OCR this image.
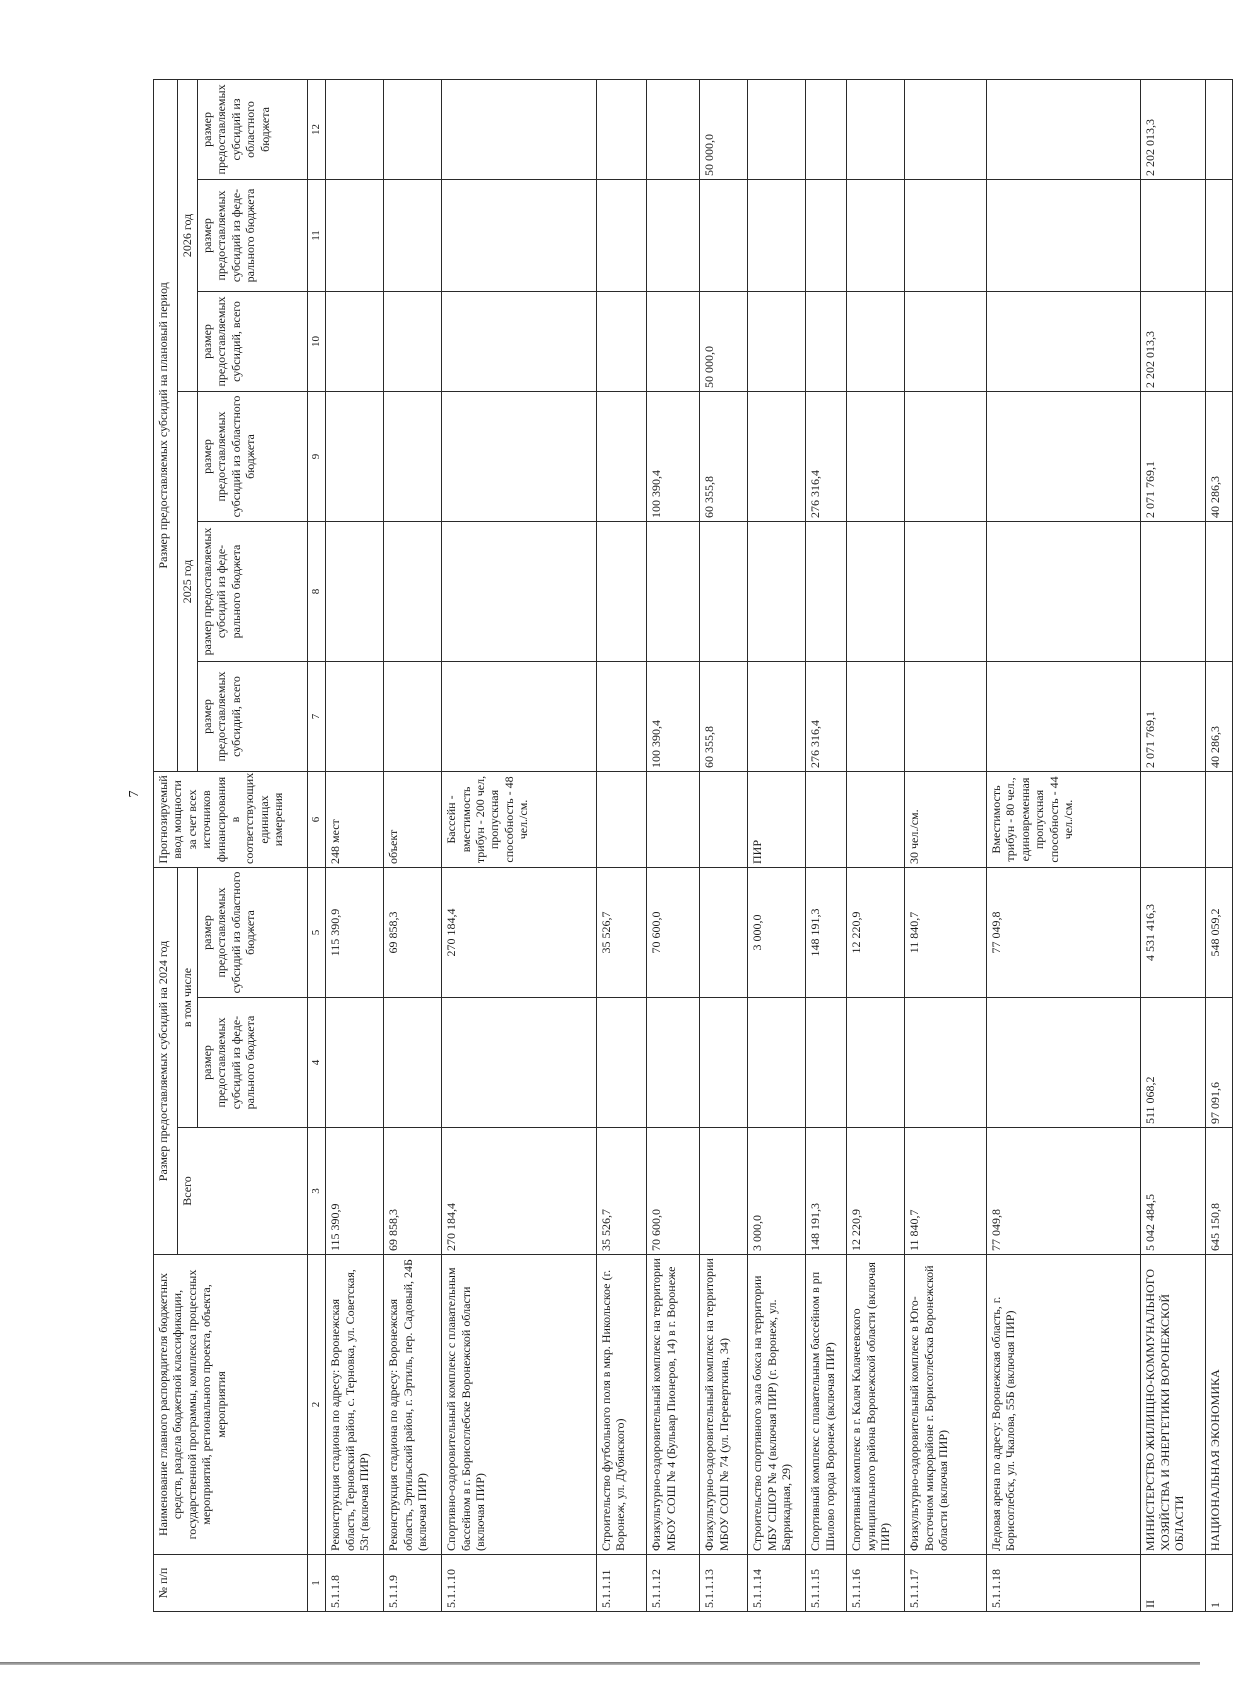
7
№ п/п	Наименование главного распорядителя бюджетных средств, раздела бюджетной классификации, государственной программы, комплекса процессных мероприятий, регионального проекта, объекта, мероприятия	Размер предоставляемых субсидий на 2024 год			Прогнозируемый ввод мощности за счет всех источников финансирования в соответствующих единицах измерения	Размер предоставляемых субсидий на плановый период					
		Всего	в том числе			2025 год			2026 год		
			размер предоставляемых субсидий из феде-рального бюджета	размер предоставляемых субсидий из областного бюджета		размер предоставляемых субсидий, всего	размер предоставляемых субсидий из феде-рального бюджета	размер предоставляемых субсидий из областного бюджета	размер предоставляемых субсидий, всего	размер предоставляемых субсидий из феде-рального бюджета	размер предоставляемых субсидий из областного бюджета
1	2	3	4	5	6	7	8	9	10	11	12
5.1.1.8	Реконструкция стадиона по адресу: Воронежская область, Терновский район, с. Терновка, ул. Советская, 53г (включая ПИР)	115 390,9		115 390,9	248 мест						
5.1.1.9	Реконструкция стадиона по адресу: Воронежская область, Эртильский район, г. Эртиль, пер. Садовый, 24Б (включая ПИР)	69 858,3		69 858,3	объект						
5.1.1.10	Спортивно-оздоровительный комплекс с плавательным бассейном в г. Борисоглебске Воронежской области (включая ПИР)	270 184,4		270 184,4	Бассейн - вместимость трибун - 200 чел, пропускная способность - 48 чел./см.						
5.1.1.11	Строительство футбольного поля в мкр. Никольское (г. Воронеж, ул. Дубянского)	35 526,7		35 526,7							
5.1.1.12	Физкультурно-оздоровительный комплекс на территории МБОУ СОШ № 4 (Бульвар Пионеров, 14) в г. Воронеже	70 600,0		70 600,0		100 390,4		100 390,4			
5.1.1.13	Физкультурно-оздоровительный комплекс на территории МБОУ СОШ № 74 (ул. Переверткина, 34)					60 355,8		60 355,8	50 000,0		50 000,0
5.1.1.14	Строительство спортивного зала бокса на территории МБУ СШОР № 4 (включая ПИР) (г. Воронеж, ул. Баррикадная, 29)	3 000,0		3 000,0	ПИР						
5.1.1.15	Спортивный комплекс с плавательным бассейном в рп Шилово города Воронеж (включая ПИР)	148 191,3		148 191,3		276 316,4		276 316,4			
5.1.1.16	Спортивный комплекс в г. Калач Калачеевского муниципального района Воронежской области (включая ПИР)	12 220,9		12 220,9							
5.1.1.17	Физкультурно-оздоровительный комплекс в Юго-Восточном микрорайоне г. Борисоглебска Воронежской области (включая ПИР)	11 840,7		11 840,7	30 чел./см.						
5.1.1.18	Ледовая арена по адресу: Воронежская область, г. Борисоглебск, ул. Чкалова, 55Б (включая ПИР)	77 049,8		77 049,8	Вместимость трибун - 80 чел., единовременная пропускная способность - 44 чел./см.						
II	МИНИСТЕРСТВО ЖИЛИЩНО-КОММУНАЛЬНОГО ХОЗЯЙСТВА И ЭНЕРГЕТИКИ ВОРОНЕЖСКОЙ ОБЛАСТИ	5 042 484,5	511 068,2	4 531 416,3		2 071 769,1		2 071 769,1	2 202 013,3		2 202 013,3
1	НАЦИОНАЛЬНАЯ ЭКОНОМИКА	645 150,8	97 091,6	548 059,2		40 286,3		40 286,3			
